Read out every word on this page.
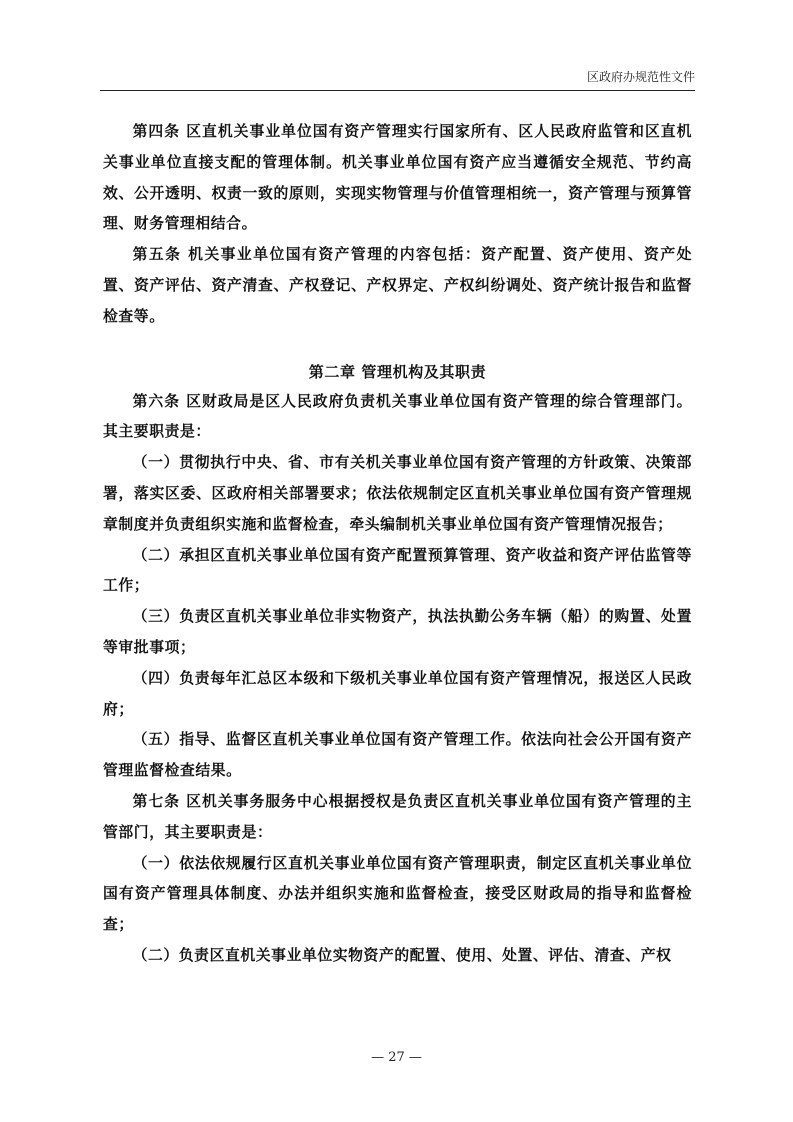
区政府办规范性文件

第四条 区直机关事业单位国有资产管理实行国家所有、区人民政府监管和区直机关事业单位直接支配的管理体制。机关事业单位国有资产应当遵循安全规范、节约高效、公开透明、权责一致的原则，实现实物管理与价值管理相统一，资产管理与预算管理、财务管理相结合。

第五条 机关事业单位国有资产管理的内容包括：资产配置、资产使用、资产处置、资产评估、资产清查、产权登记、产权界定、产权纠纷调处、资产统计报告和监督检查等。

第二章 管理机构及其职责

第六条 区财政局是区人民政府负责机关事业单位国有资产管理的综合管理部门。其主要职责是：

（一）贯彻执行中央、省、市有关机关事业单位国有资产管理的方针政策、决策部署，落实区委、区政府相关部署要求；依法依规制定区直机关事业单位国有资产管理规章制度并负责组织实施和监督检查，牵头编制机关事业单位国有资产管理情况报告；

（二）承担区直机关事业单位国有资产配置预算管理、资产收益和资产评估监管等工作；

（三）负责区直机关事业单位非实物资产，执法执勤公务车辆（船）的购置、处置等审批事项；

（四）负责每年汇总区本级和下级机关事业单位国有资产管理情况，报送区人民政府；

（五）指导、监督区直机关事业单位国有资产管理工作。依法向社会公开国有资产管理监督检查结果。

第七条 区机关事务服务中心根据授权是负责区直机关事业单位国有资产管理的主管部门，其主要职责是：

（一）依法依规履行区直机关事业单位国有资产管理职责，制定区直机关事业单位国有资产管理具体制度、办法并组织实施和监督检查，接受区财政局的指导和监督检查；

（二）负责区直机关事业单位实物资产的配置、使用、处置、评估、清查、产权

— 27 —
